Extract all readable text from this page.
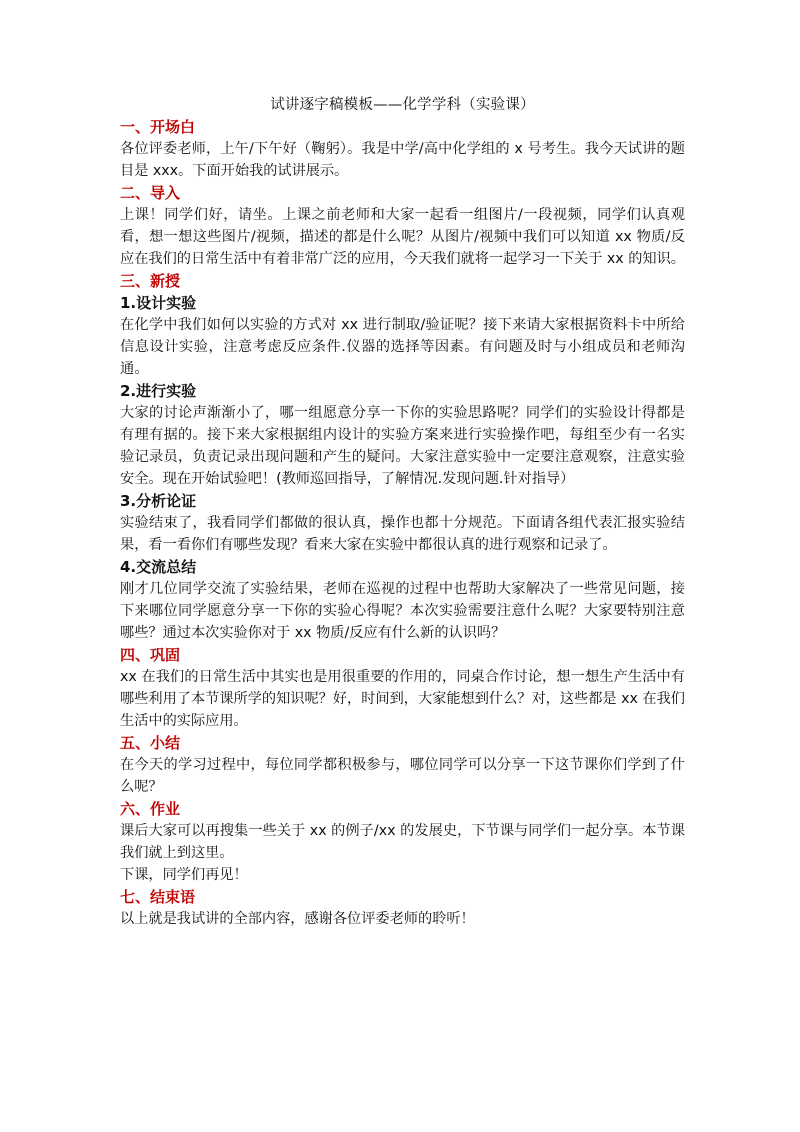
试讲逐字稿模板——化学学科（实验课）
一、开场白
各位评委老师，上午/下午好（鞠躬）。我是中学/高中化学组的 x 号考生。我今天试讲的题目是 xxx。下面开始我的试讲展示。
二、导入
上课！同学们好，请坐。上课之前老师和大家一起看一组图片/一段视频，同学们认真观看，想一想这些图片/视频，描述的都是什么呢？从图片/视频中我们可以知道 xx 物质/反应在我们的日常生活中有着非常广泛的应用，今天我们就将一起学习一下关于 xx 的知识。
三、新授
1.设计实验
在化学中我们如何以实验的方式对 xx 进行制取/验证呢？接下来请大家根据资料卡中所给信息设计实验，注意考虑反应条件.仪器的选择等因素。有问题及时与小组成员和老师沟通。
2.进行实验
大家的讨论声渐渐小了，哪一组愿意分享一下你的实验思路呢？同学们的实验设计得都是有理有据的。接下来大家根据组内设计的实验方案来进行实验操作吧，每组至少有一名实验记录员，负责记录出现问题和产生的疑问。大家注意实验中一定要注意观察，注意实验安全。现在开始试验吧！(教师巡回指导，了解情况.发现问题.针对指导）
3.分析论证
实验结束了，我看同学们都做的很认真，操作也都十分规范。下面请各组代表汇报实验结果，看一看你们有哪些发现？看来大家在实验中都很认真的进行观察和记录了。
4.交流总结
刚才几位同学交流了实验结果，老师在巡视的过程中也帮助大家解决了一些常见问题，接下来哪位同学愿意分享一下你的实验心得呢？本次实验需要注意什么呢？大家要特别注意哪些？通过本次实验你对于 xx 物质/反应有什么新的认识吗？
四、巩固
xx 在我们的日常生活中其实也是用很重要的作用的，同桌合作讨论，想一想生产生活中有哪些利用了本节课所学的知识呢？好，时间到，大家能想到什么？对，这些都是 xx 在我们生活中的实际应用。
五、小结
在今天的学习过程中，每位同学都积极参与，哪位同学可以分享一下这节课你们学到了什么呢？
六、作业
课后大家可以再搜集一些关于 xx 的例子/xx 的发展史，下节课与同学们一起分享。本节课我们就上到这里。
下课，同学们再见！
七、结束语
以上就是我试讲的全部内容，感谢各位评委老师的聆听！
